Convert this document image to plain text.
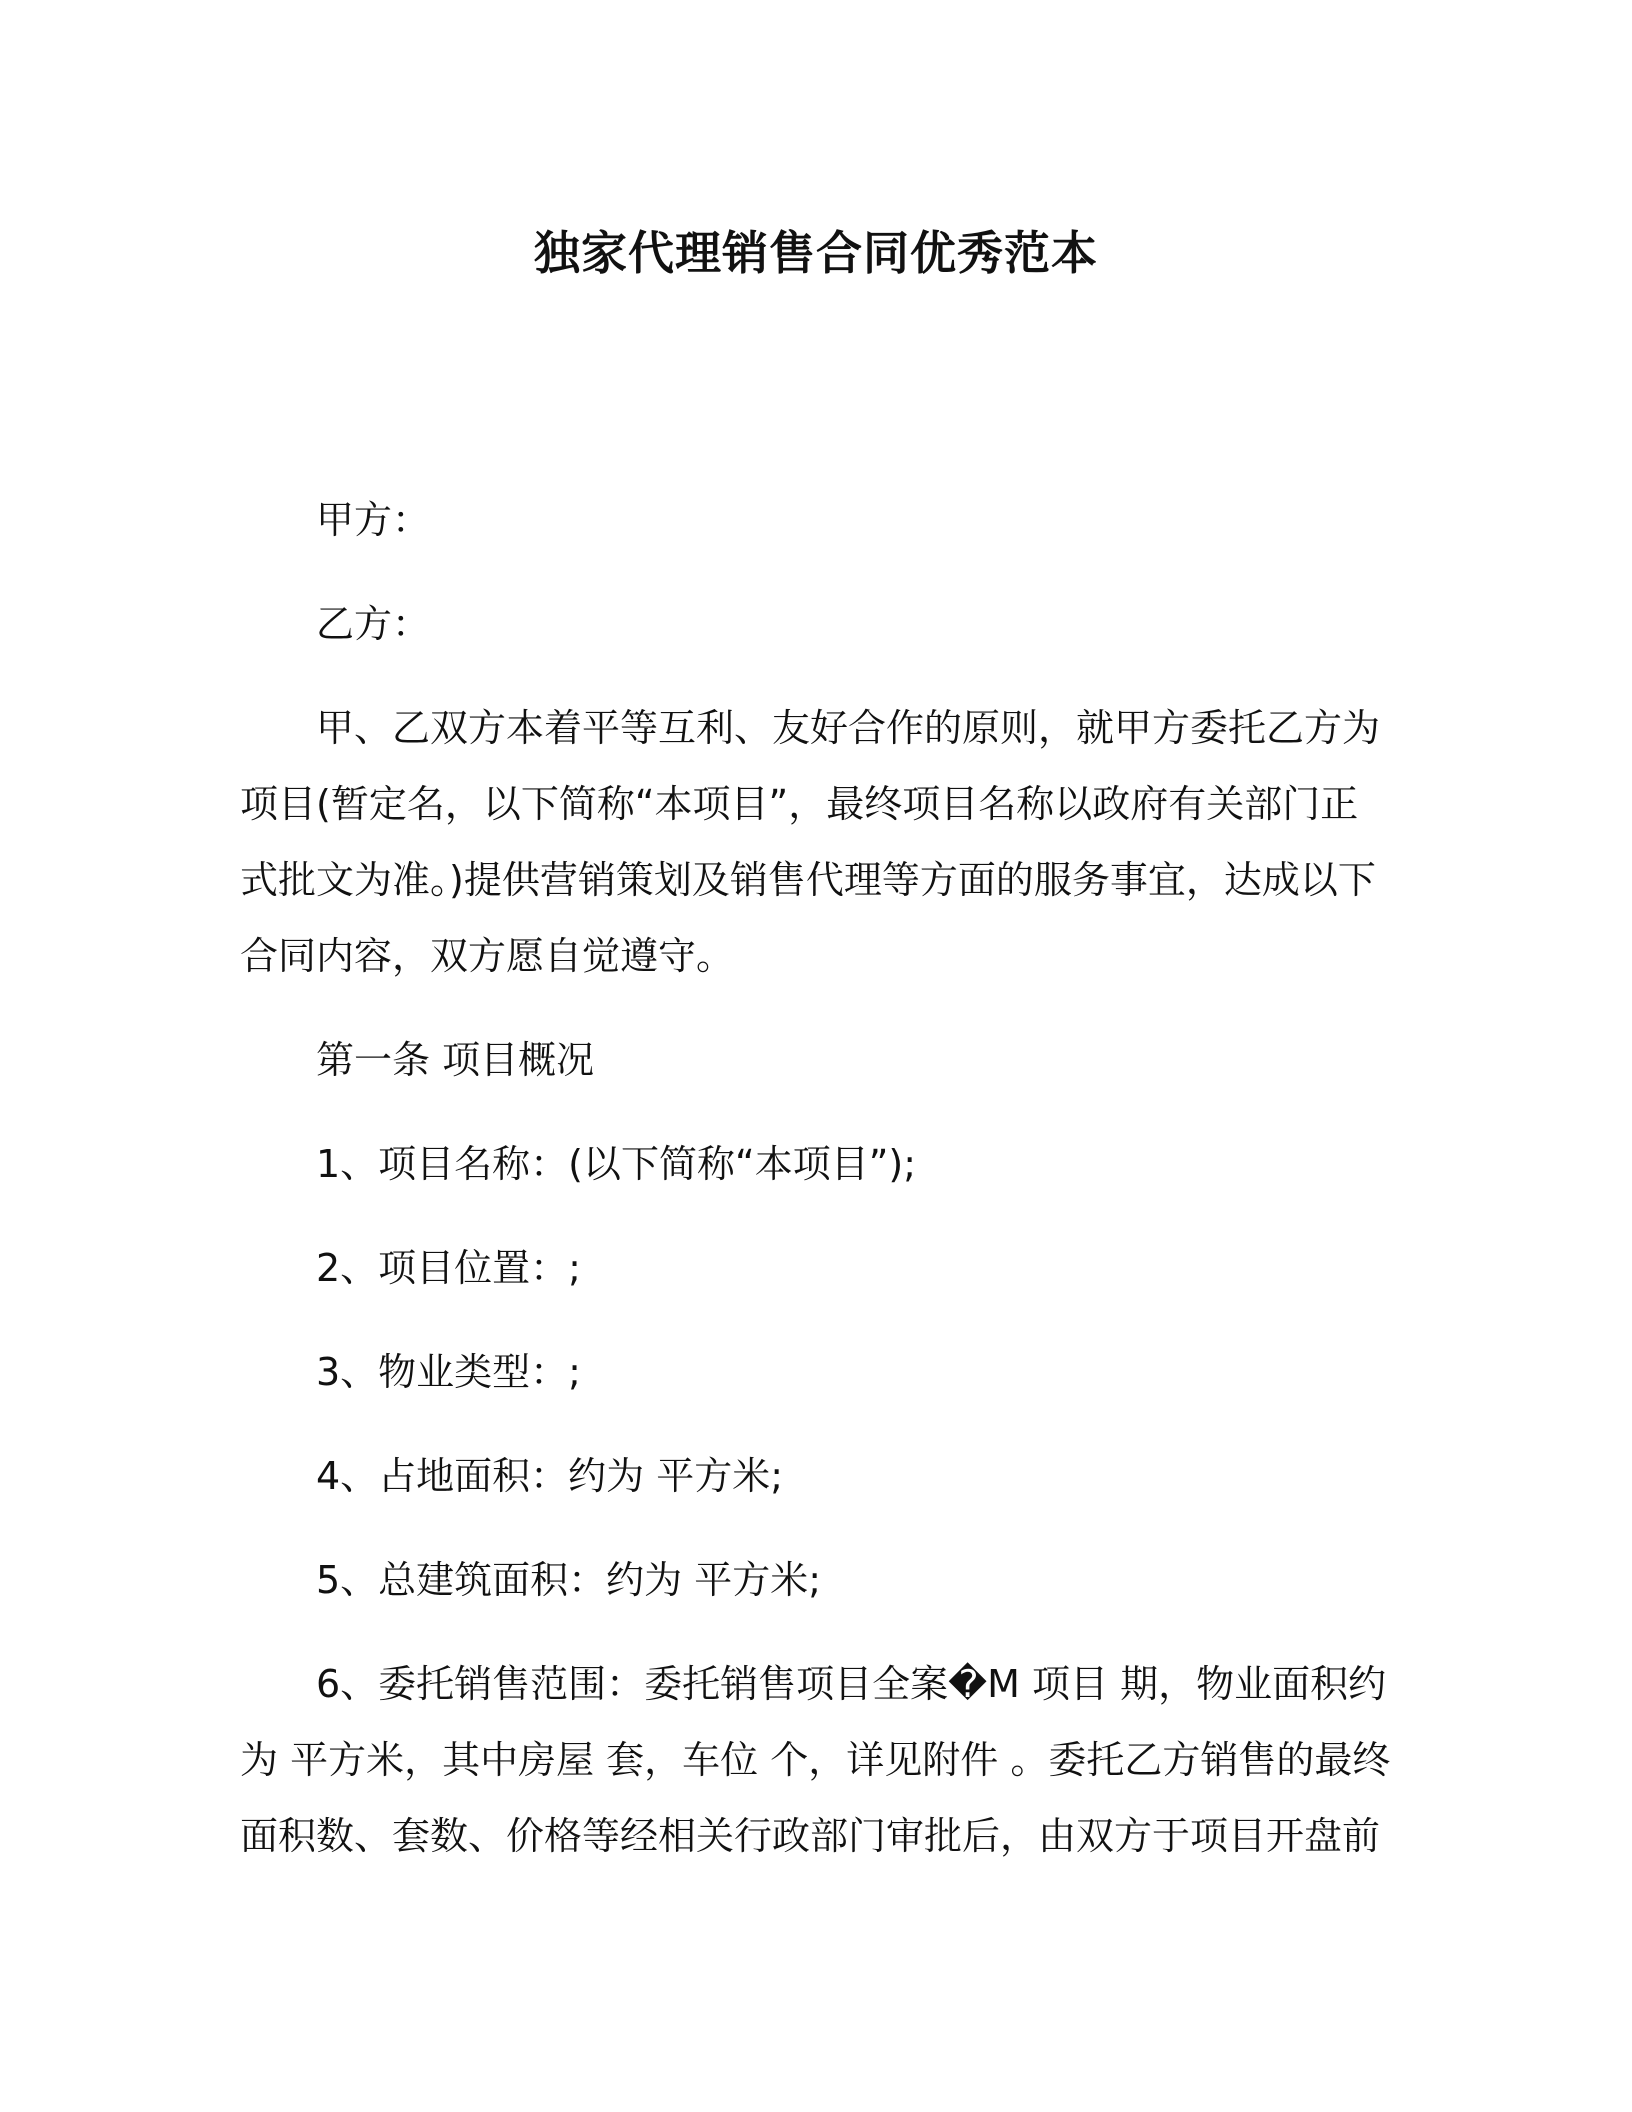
独家代理销售合同优秀范本

甲方：

乙方：

甲、乙双方本着平等互利、友好合作的原则，就甲方委托乙方为

项目(暂定名，以下简称“本项目”，最终项目名称以政府有关部门正

式批文为准。)提供营销策划及销售代理等方面的服务事宜，达成以下

合同内容，双方愿自觉遵守。

第一条 项目概况

1、项目名称：(以下简称“本项目”);

2、项目位置：;

3、物业类型：;

4、占地面积：约为 平方米;

5、总建筑面积：约为 平方米;

6、委托销售范围：委托销售项目全案�M 项目 期，物业面积约

为 平方米，其中房屋 套，车位 个，详见附件 。委托乙方销售的最终

面积数、套数、价格等经相关行政部门审批后，由双方于项目开盘前
